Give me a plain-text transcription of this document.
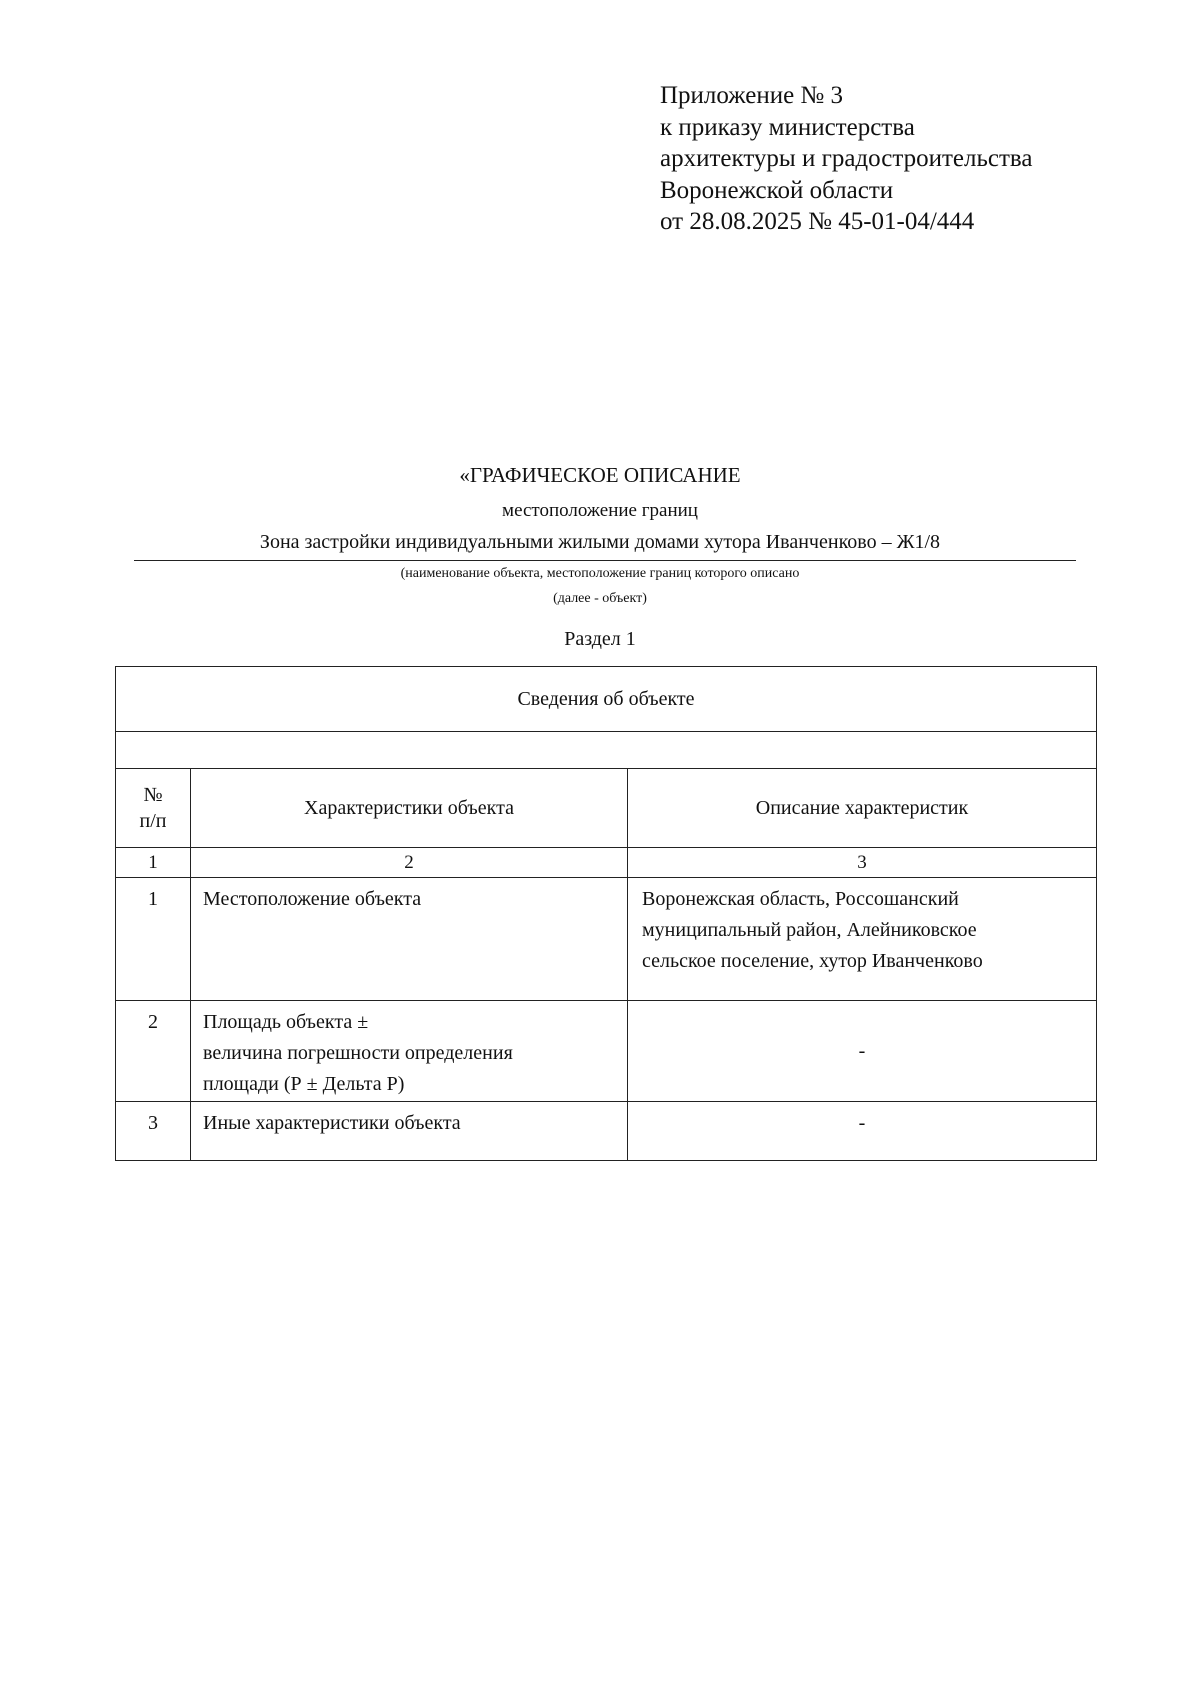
Приложение № 3
к приказу министерства
архитектуры и градостроительства
Воронежской области
от 28.08.2025 № 45-01-04/444
«ГРАФИЧЕСКОЕ ОПИСАНИЕ
местоположение границ
Зона застройки индивидуальными жилыми домами хутора Иванченково – Ж1/8
(наименование объекта, местоположение границ которого описано
(далее - объект)
Раздел 1
Сведения об объекте		

№
п/п	Характеристики объекта	Описание характеристик
1	2	3
1	Местоположение объекта	Воронежская область, Россошанский
муниципальный район, Алейниковское
сельское поселение, хутор Иванченково

2	Площадь объекта ±
величина погрешности определения
площади (Р ± Дельта Р)	-
3	Иные характеристики объекта	-
